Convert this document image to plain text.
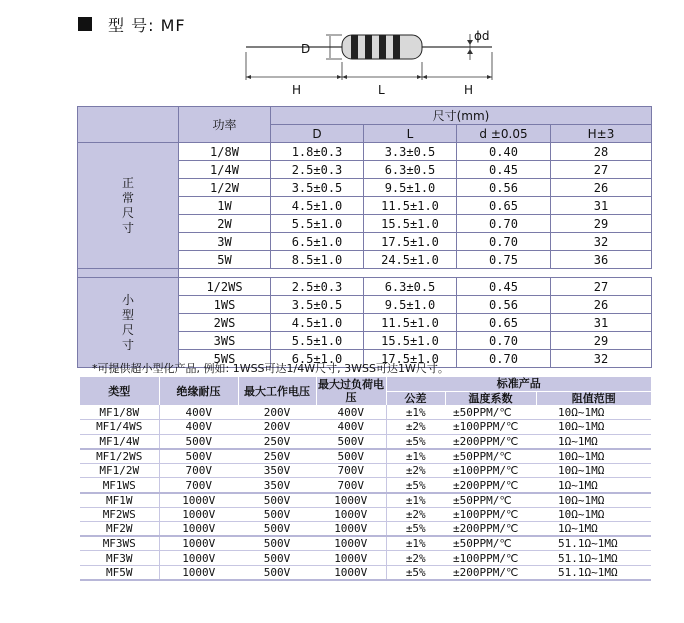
型 号: MF
D
ϕd
H	L	H
	功率	尺寸(mm)			
		D	L	d ±0.05	H±3
正
常
尺
寸	1/8W	1.8±0.3	3.3±0.5	0.40	28
	1/4W	2.5±0.3	6.3±0.5	0.45	27
	1/2W	3.5±0.5	9.5±1.0	0.56	26
	1W	4.5±1.0	11.5±1.0	0.65	31
	2W	5.5±1.0	15.5±1.0	0.70	29
	3W	6.5±1.0	17.5±1.0	0.70	32
	5W	8.5±1.0	24.5±1.0	0.75	36

小
型
尺
寸	1/2WS	2.5±0.3	6.3±0.5	0.45	27
	1WS	3.5±0.5	9.5±1.0	0.56	26
	2WS	4.5±1.0	11.5±1.0	0.65	31
	3WS	5.5±1.0	15.5±1.0	0.70	29
	5WS	6.5±1.0	17.5±1.0	0.70	32
*可提供超小型化产品, 例如: 1WSS可达1/4W尺寸, 3WSS可达1W尺寸。
类型	绝缘耐压	最大工作电压	最大过负荷电压	标准产品		
				公差	温度系数	阻值范围
MF1/8W	400V	200V	400V	±1%	±50PPM/℃	10Ω~1MΩ
MF1/4WS	400V	200V	400V	±2%	±100PPM/℃	10Ω~1MΩ
MF1/4W	500V	250V	500V	±5%	±200PPM/℃	1Ω~1MΩ
MF1/2WS	500V	250V	500V	±1%	±50PPM/℃	10Ω~1MΩ
MF1/2W	700V	350V	700V	±2%	±100PPM/℃	10Ω~1MΩ
MF1WS	700V	350V	700V	±5%	±200PPM/℃	1Ω~1MΩ
MF1W	1000V	500V	1000V	±1%	±50PPM/℃	10Ω~1MΩ
MF2WS	1000V	500V	1000V	±2%	±100PPM/℃	10Ω~1MΩ
MF2W	1000V	500V	1000V	±5%	±200PPM/℃	1Ω~1MΩ
MF3WS	1000V	500V	1000V	±1%	±50PPM/℃	51.1Ω~1MΩ
MF3W	1000V	500V	1000V	±2%	±100PPM/℃	51.1Ω~1MΩ
MF5W	1000V	500V	1000V	±5%	±200PPM/℃	51.1Ω~1MΩ
